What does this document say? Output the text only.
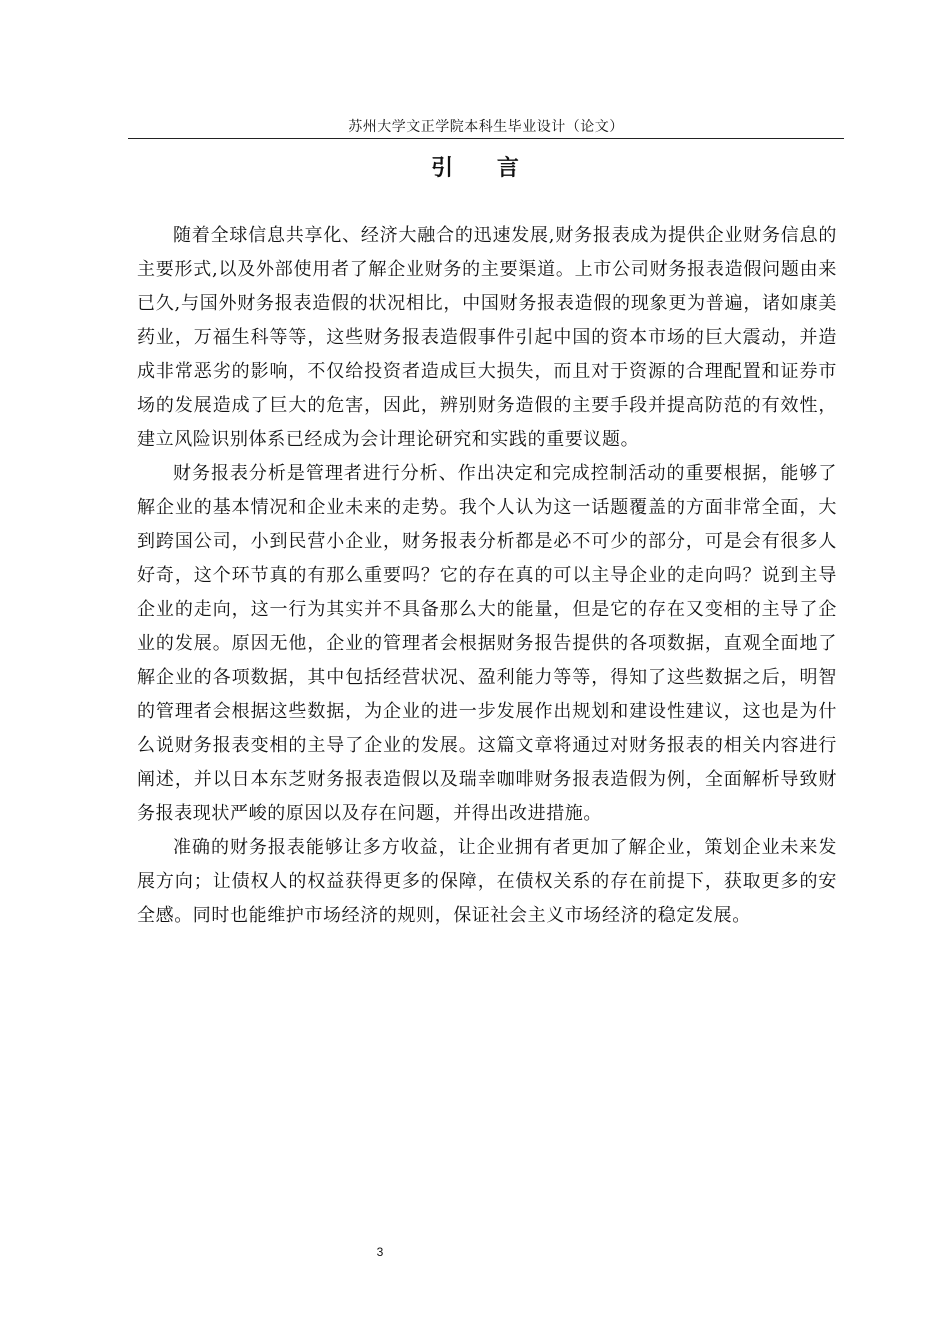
苏州大学文正学院本科生毕业设计（论文）
引 言

随着全球信息共享化、经济大融合的迅速发展,财务报表成为提供企业财务信息的主要形式,以及外部使用者了解企业财务的主要渠道。上市公司财务报表造假问题由来已久,与国外财务报表造假的状况相比，中国财务报表造假的现象更为普遍，诸如康美药业，万福生科等等，这些财务报表造假事件引起中国的资本市场的巨大震动，并造成非常恶劣的影响，不仅给投资者造成巨大损失，而且对于资源的合理配置和证券市场的发展造成了巨大的危害，因此，辨别财务造假的主要手段并提高防范的有效性，建立风险识别体系已经成为会计理论研究和实践的重要议题。

财务报表分析是管理者进行分析、作出决定和完成控制活动的重要根据，能够了解企业的基本情况和企业未来的走势。我个人认为这一话题覆盖的方面非常全面，大到跨国公司，小到民营小企业，财务报表分析都是必不可少的部分，可是会有很多人好奇，这个环节真的有那么重要吗？它的存在真的可以主导企业的走向吗？说到主导企业的走向，这一行为其实并不具备那么大的能量，但是它的存在又变相的主导了企业的发展。原因无他，企业的管理者会根据财务报告提供的各项数据，直观全面地了解企业的各项数据，其中包括经营状况、盈利能力等等，得知了这些数据之后，明智的管理者会根据这些数据，为企业的进一步发展作出规划和建设性建议，这也是为什么说财务报表变相的主导了企业的发展。这篇文章将通过对财务报表的相关内容进行阐述，并以日本东芝财务报表造假以及瑞幸咖啡财务报表造假为例，全面解析导致财务报表现状严峻的原因以及存在问题，并得出改进措施。

准确的财务报表能够让多方收益，让企业拥有者更加了解企业，策划企业未来发展方向；让债权人的权益获得更多的保障，在债权关系的存在前提下，获取更多的安全感。同时也能维护市场经济的规则，保证社会主义市场经济的稳定发展。

3
